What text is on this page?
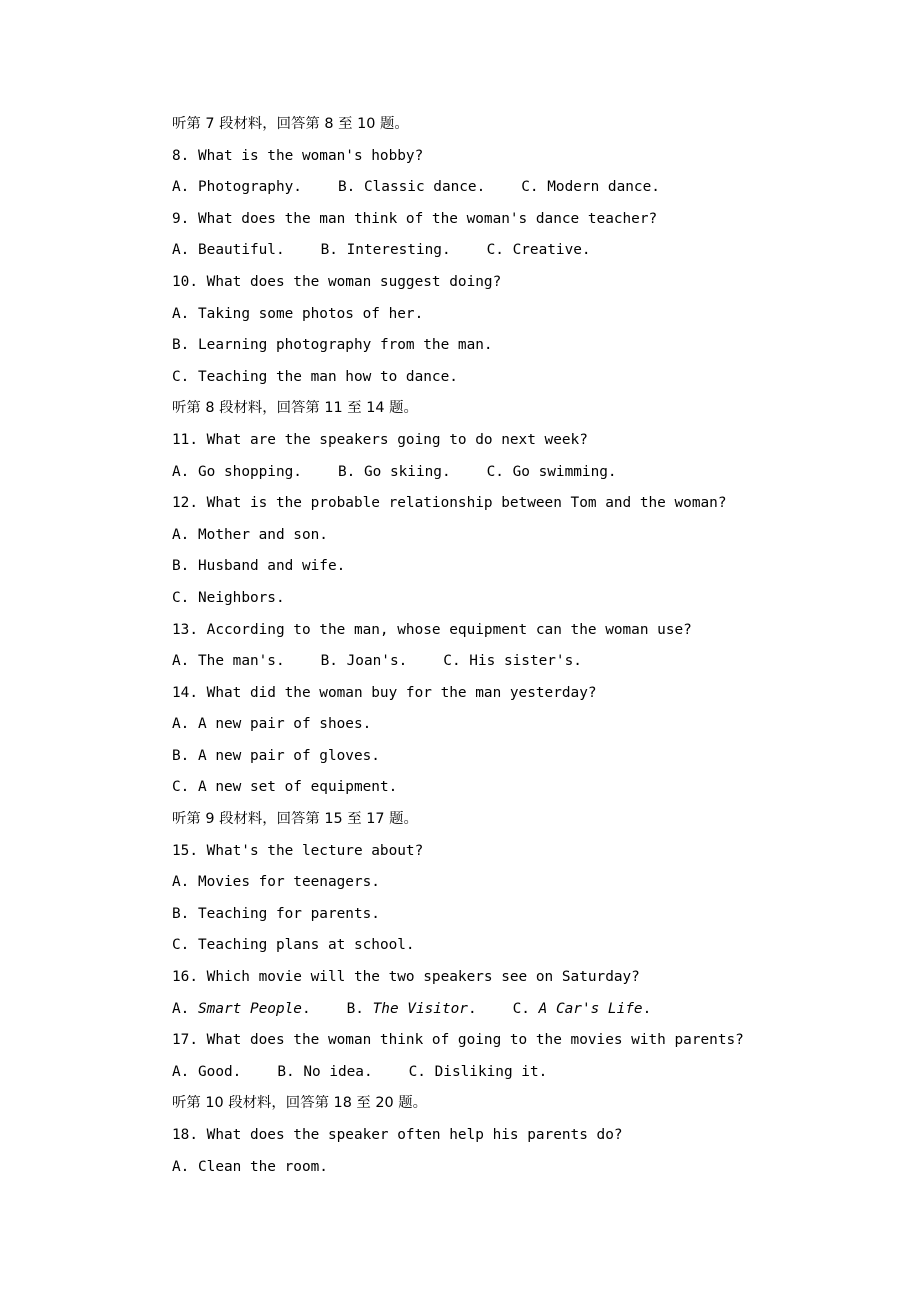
听第 7 段材料，回答第 8 至 10 题。
8. What is the woman's hobby?
A. Photography.	B. Classic dance.	C. Modern dance.
9. What does the man think of the woman's dance teacher?
A. Beautiful.	B. Interesting.	C. Creative.
10. What does the woman suggest doing?
A. Taking some photos of her.
B. Learning photography from the man.
C. Teaching the man how to dance.
听第 8 段材料，回答第 11 至 14 题。
11. What are the speakers going to do next week?
A. Go shopping.	B. Go skiing.	C. Go swimming.
12. What is the probable relationship between Tom and the woman?
A. Mother and son.
B. Husband and wife.
C. Neighbors.
13. According to the man, whose equipment can the woman use?
A. The man's.	B. Joan's.	C. His sister's.
14. What did the woman buy for the man yesterday?
A. A new pair of shoes.
B. A new pair of gloves.
C. A new set of equipment.
听第 9 段材料，回答第 15 至 17 题。
15. What's the lecture about?
A. Movies for teenagers.
B. Teaching for parents.
C. Teaching plans at school.
16. Which movie will the two speakers see on Saturday?
A. Smart People.	B. The Visitor.	C. A Car's Life.
17. What does the woman think of going to the movies with parents?
A. Good.	B. No idea.	C. Disliking it.
听第 10 段材料，回答第 18 至 20 题。
18. What does the speaker often help his parents do?
A. Clean the room.
